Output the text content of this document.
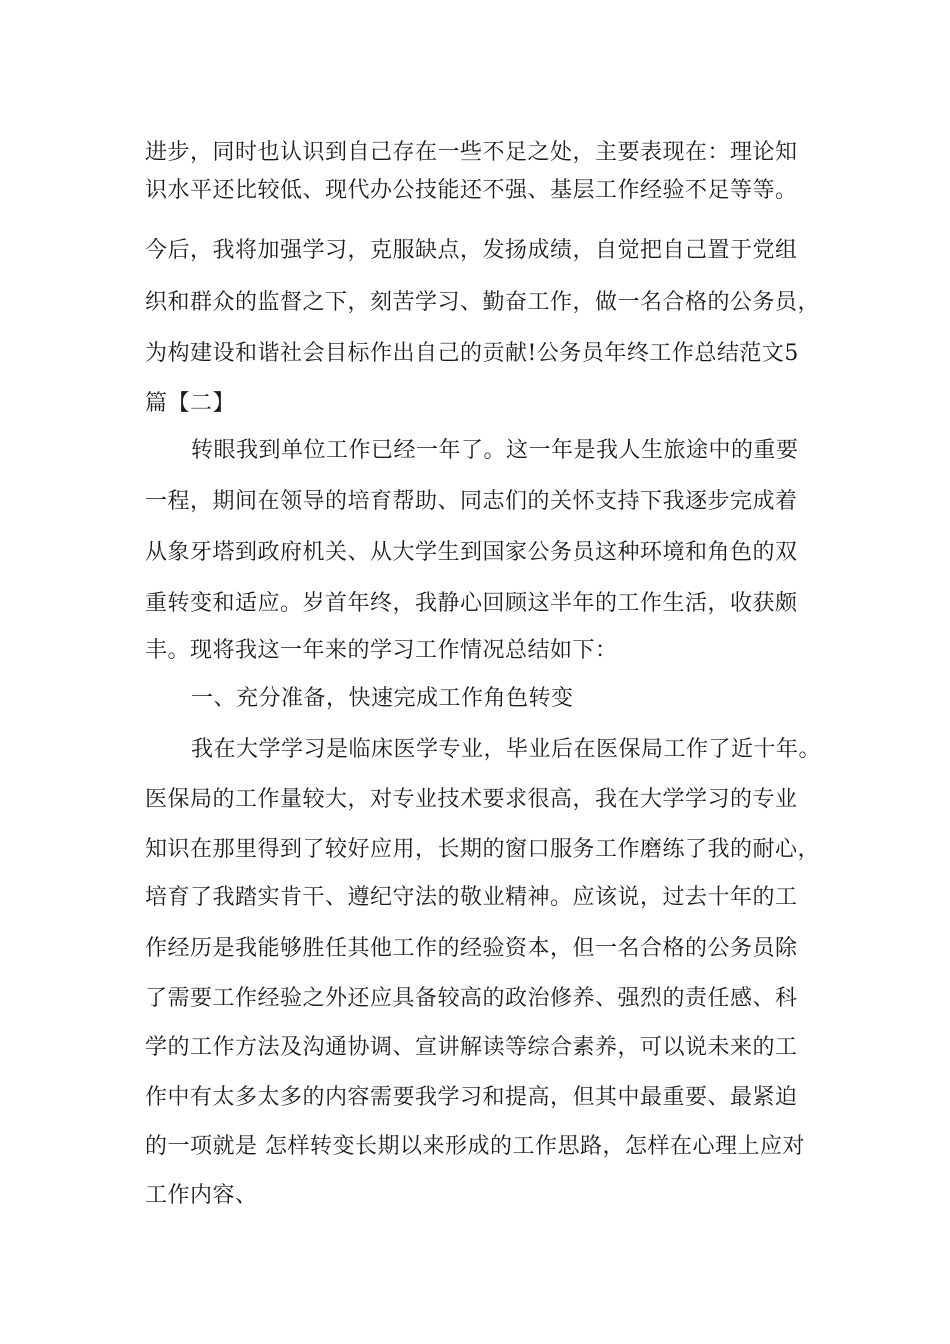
进步，同时也认识到自己存在一些不足之处，主要表现在：理论知
识水平还比较低、现代办公技能还不强、基层工作经验不足等等。
今后，我将加强学习，克服缺点，发扬成绩，自觉把自己置于党组
织和群众的监督之下，刻苦学习、勤奋工作，做一名合格的公务员，
为构建设和谐社会目标作出自己的贡献!公务员年终工作总结范文5
篇【二】
转眼我到单位工作已经一年了。这一年是我人生旅途中的重要
一程，期间在领导的培育帮助、同志们的关怀支持下我逐步完成着
从象牙塔到政府机关、从大学生到国家公务员这种环境和角色的双
重转变和适应。岁首年终，我静心回顾这半年的工作生活，收获颇
丰。现将我这一年来的学习工作情况总结如下：
一、充分准备，快速完成工作角色转变
我在大学学习是临床医学专业，毕业后在医保局工作了近十年。
医保局的工作量较大，对专业技术要求很高，我在大学学习的专业
知识在那里得到了较好应用，长期的窗口服务工作磨练了我的耐心，
培育了我踏实肯干、遵纪守法的敬业精神。应该说，过去十年的工
作经历是我能够胜任其他工作的经验资本，但一名合格的公务员除
了需要工作经验之外还应具备较高的政治修养、强烈的责任感、科
学的工作方法及沟通协调、宣讲解读等综合素养，可以说未来的工
作中有太多太多的内容需要我学习和提高，但其中最重要、最紧迫
的一项就是 怎样转变长期以来形成的工作思路，怎样在心理上应对
工作内容、
